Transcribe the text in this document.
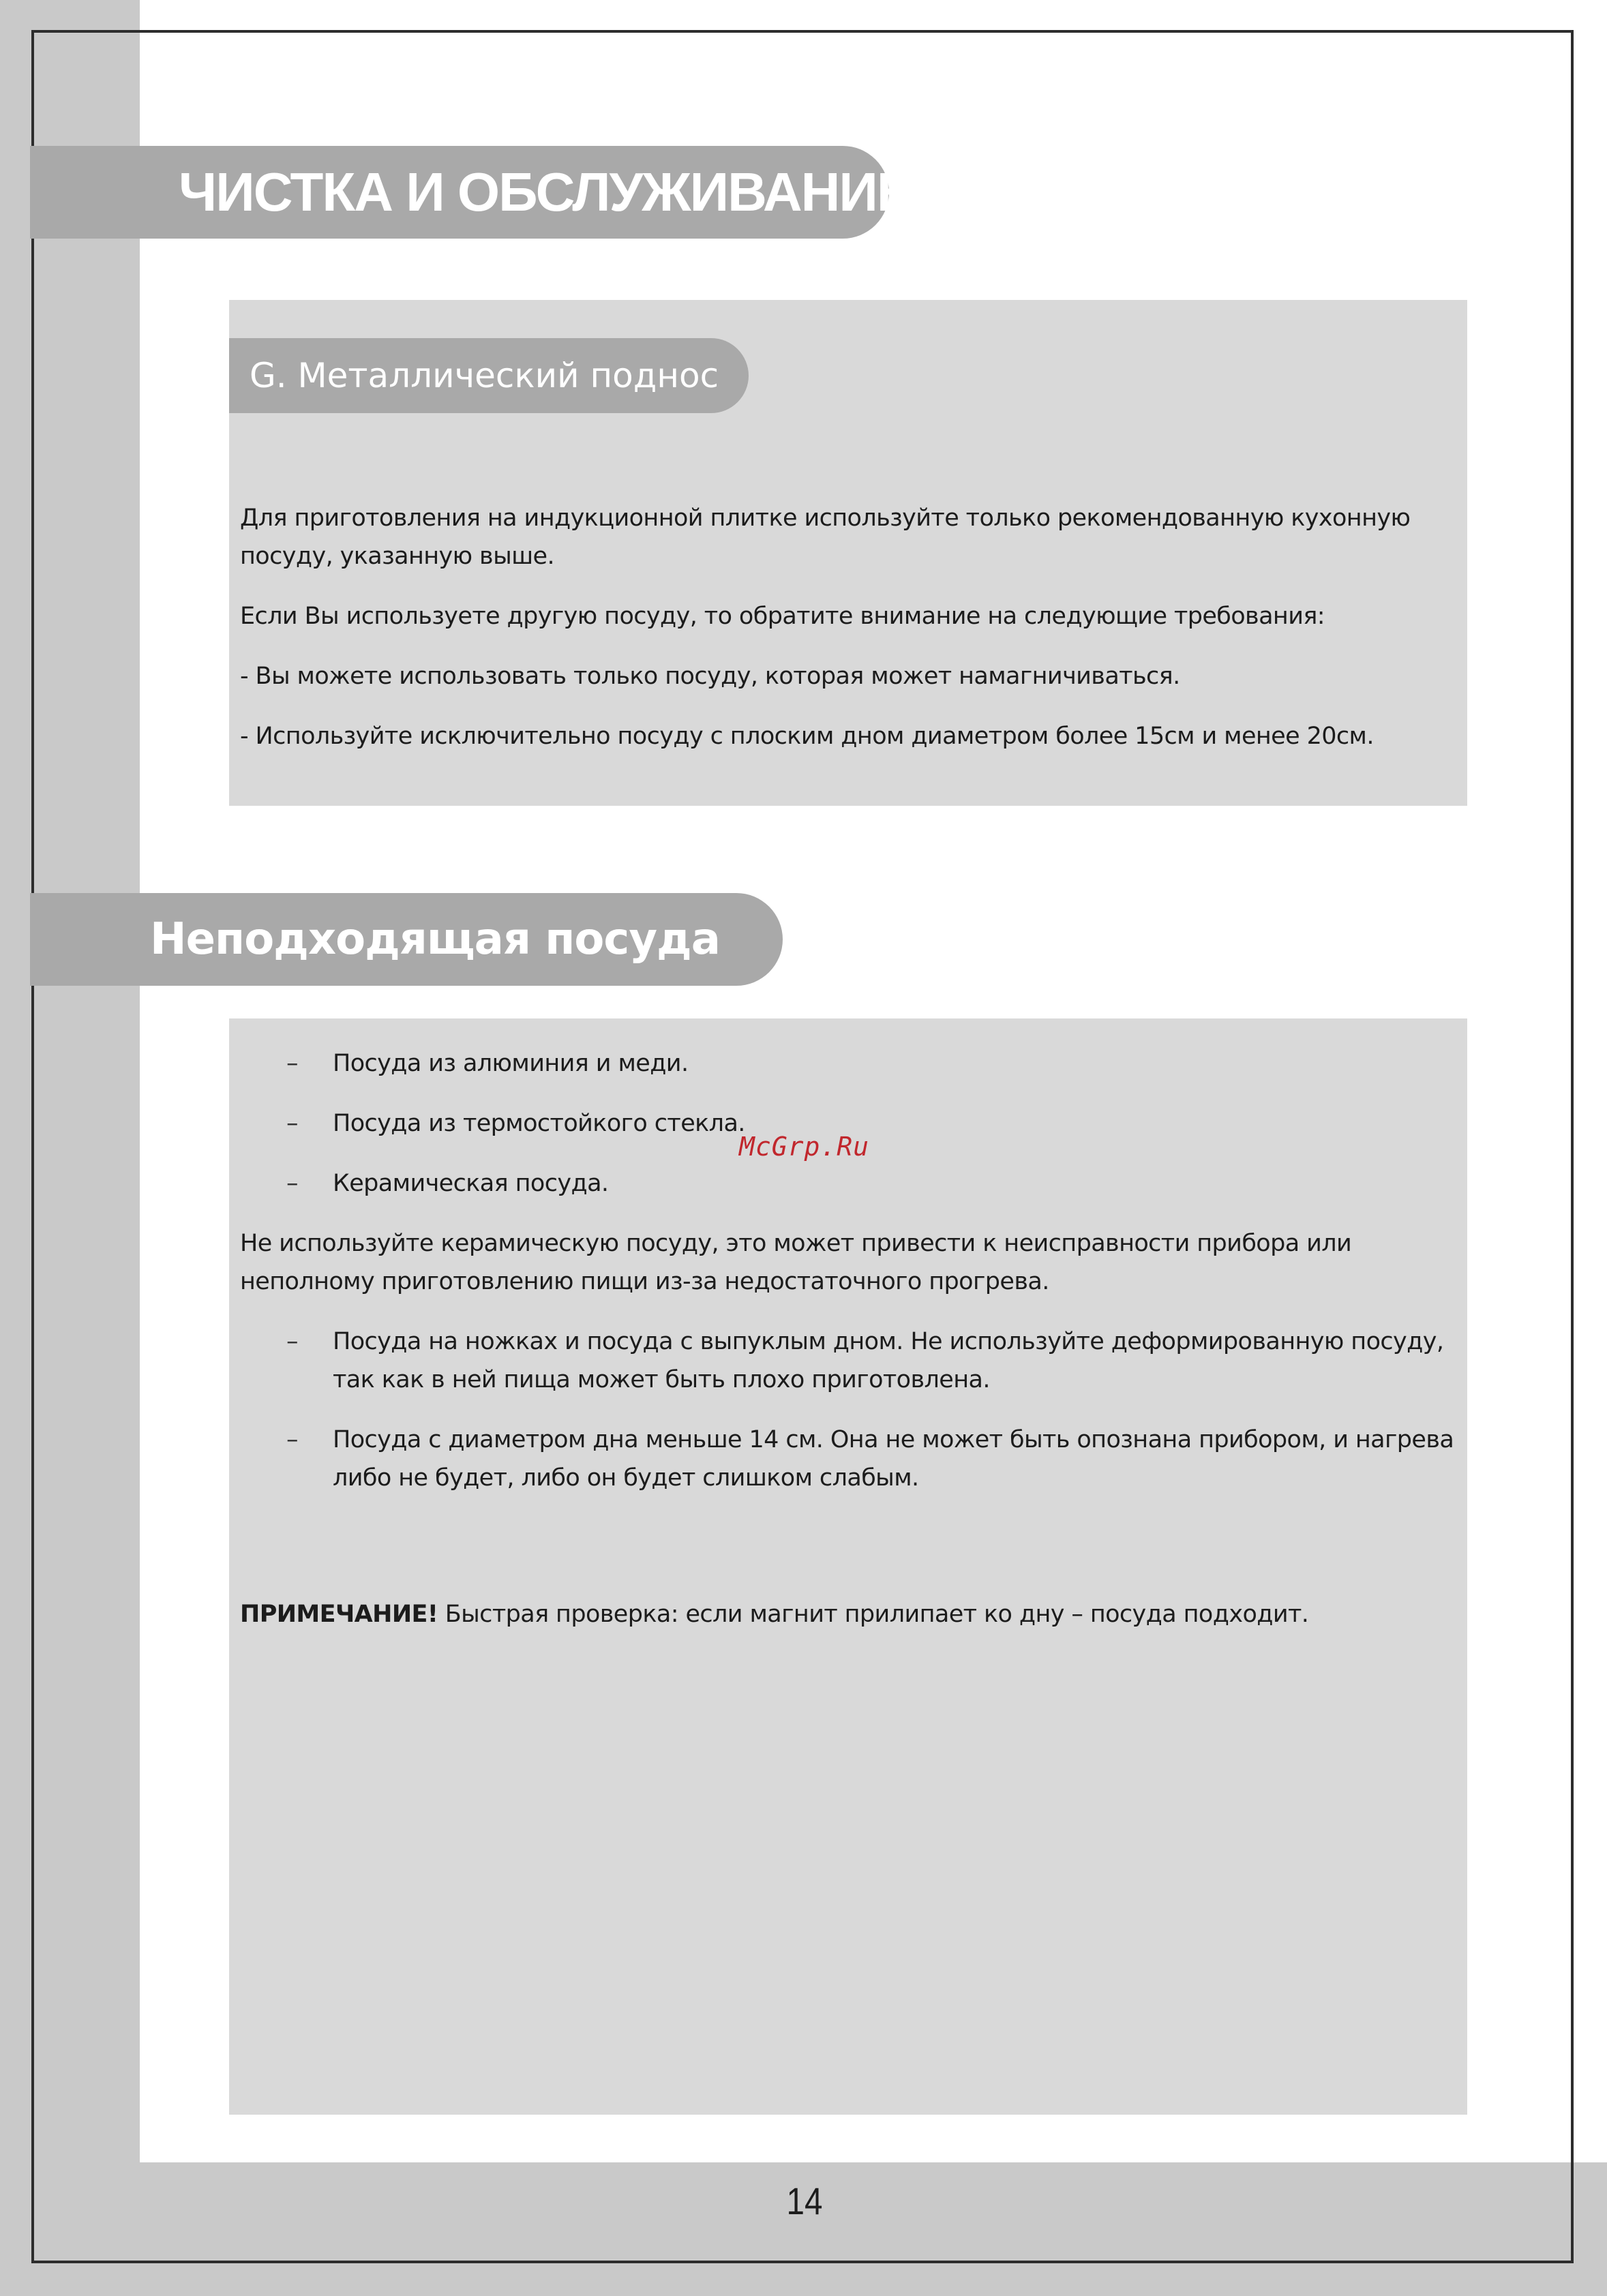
ЧИСТКА И ОБСЛУЖИВАНИЕ
G. Металлический поднос

Для приготовления на индукционной плитке используйте только рекомендованную кухонную посуду, указанную выше.

Если Вы используете другую посуду, то обратите внимание на следующие требования:

- Вы можете использовать только посуду, которая может намагничиваться.

- Используйте исключительно посуду с плоским дном диаметром более 15см и менее 20см.

Неподходящая посуда
– Посуда из алюминия и меди.
– Посуда из термостойкого стекла.
– Керамическая посуда.

Не используйте керамическую посуду, это может привести к неисправности прибора или неполному приготовлению пищи из-за недостаточного прогрева.

– Посуда на ножках и посуда с выпуклым дном. Не используйте деформированную посуду, так как в ней пища может быть плохо приготовлена.
– Посуда с диаметром дна меньше 14 см. Она не может быть опознана прибором, и нагрева либо не будет, либо он будет слишком слабым.

ПРИМЕЧАНИЕ! Быстрая проверка: если магнит прилипает ко дну – посуда подходит.

McGrp.Ru
14
